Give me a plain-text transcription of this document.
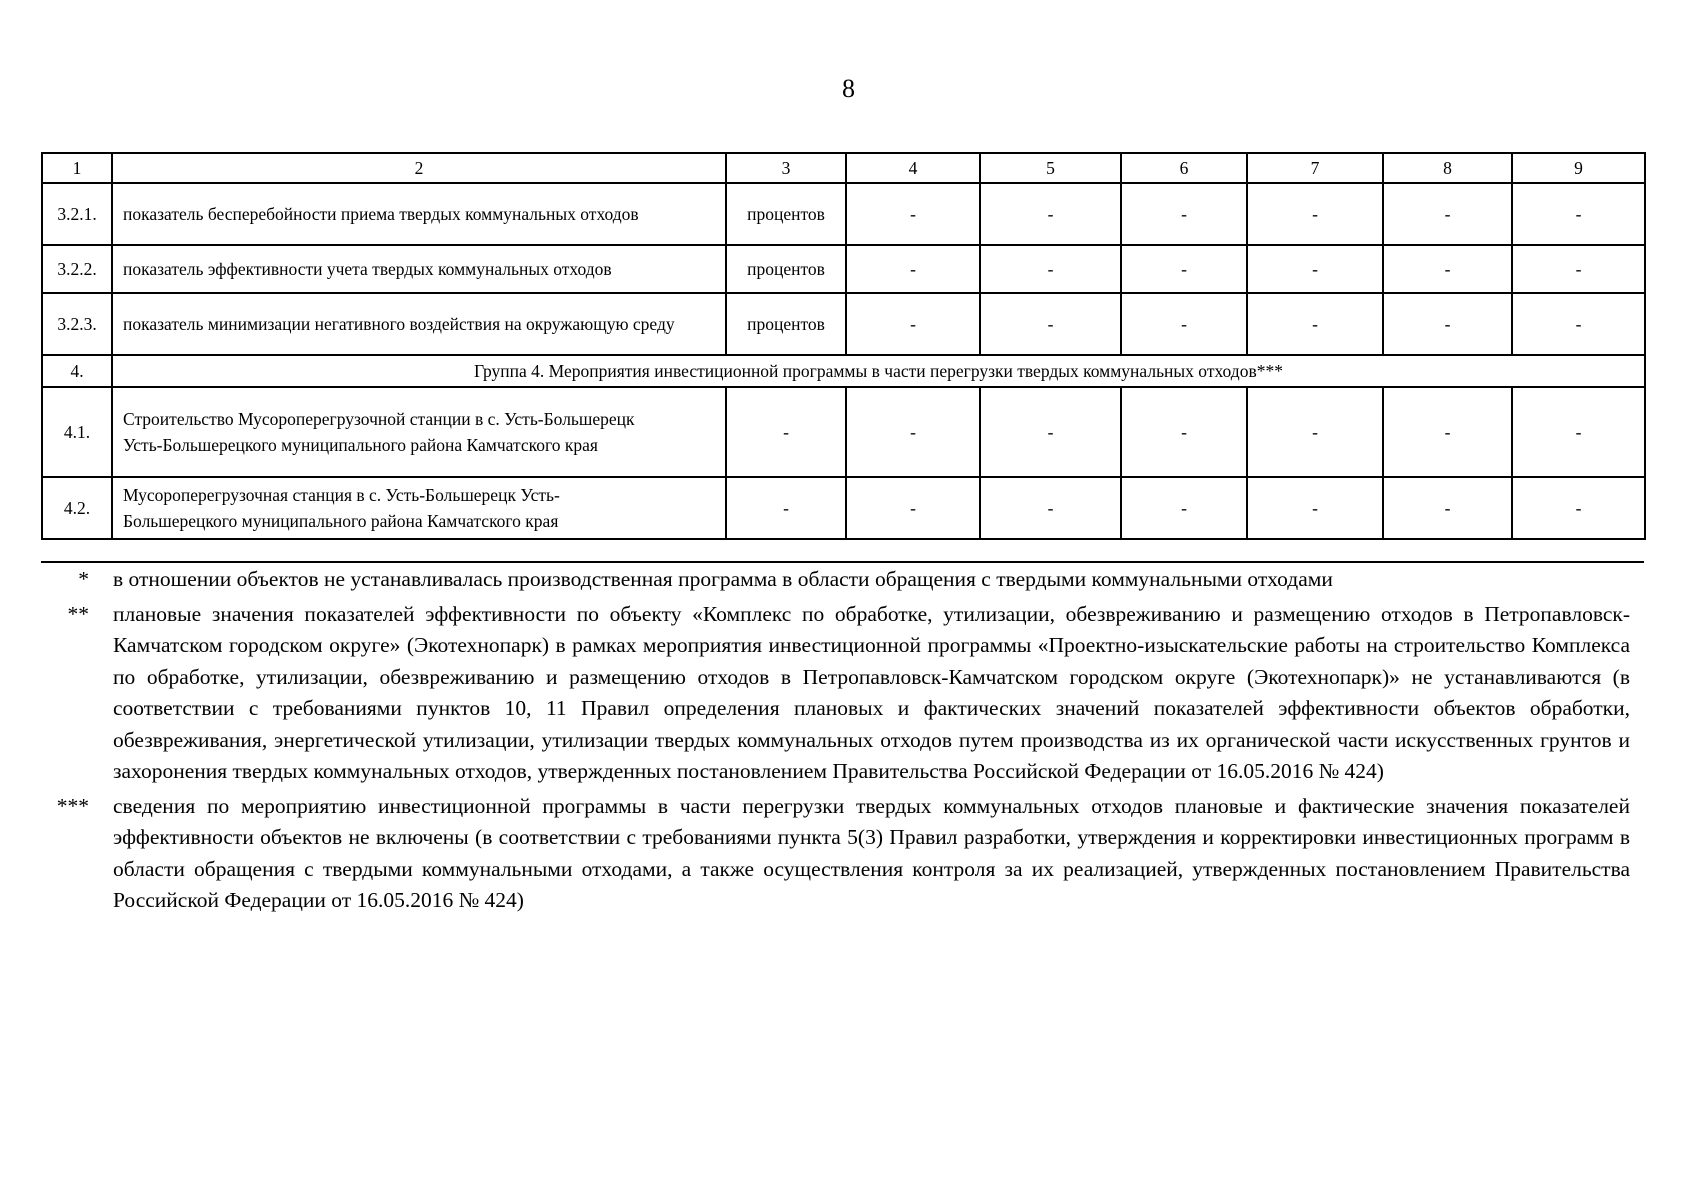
8
1	2	3	4	5	6	7	8	9
3.2.1.	показатель бесперебойности приема твердых коммунальных отходов	процентов	-	-	-	-	-	-
3.2.2.	показатель эффективности учета твердых коммунальных отходов	процентов	-	-	-	-	-	-
3.2.3.	показатель минимизации негативного воздействия на окружающую среду	процентов	-	-	-	-	-	-
4.	Группа 4. Мероприятия инвестиционной программы в части перегрузки твердых коммунальных отходов***							
4.1.	Строительство Мусороперегрузочной станции в с. Усть-Большерецк Усть-Большерецкого муниципального района Камчатского края	-	-	-	-	-	-	-
4.2.	Мусороперегрузочная станция в с. Усть-Большерецк Усть-Большерецкого муниципального района Камчатского края	-	-	-	-	-	-	-
*	в отношении объектов не устанавливалась производственная программа в области обращения с твердыми коммунальными отходами
**	плановые значения показателей эффективности по объекту «Комплекс по обработке, утилизации, обезвреживанию и размещению отходов в Петропавловск-Камчатском городском округе» (Экотехнопарк) в рамках мероприятия инвестиционной программы «Проектно-изыскательские работы на строительство Комплекса по обработке, утилизации, обезвреживанию и размещению отходов в Петропавловск-Камчатском городском округе (Экотехнопарк)» не устанавливаются (в соответствии с требованиями пунктов 10, 11 Правил определения плановых и фактических значений показателей эффективности объектов обработки, обезвреживания, энергетической утилизации, утилизации твердых коммунальных отходов путем производства из их органической части искусственных грунтов и захоронения твердых коммунальных отходов, утвержденных постановлением Правительства Российской Федерации от 16.05.2016 № 424)
***	сведения по мероприятию инвестиционной программы в части перегрузки твердых коммунальных отходов плановые и фактические значения показателей эффективности объектов не включены (в соответствии с требованиями пункта 5(3) Правил разработки, утверждения и корректировки инвестиционных программ в области обращения с твердыми коммунальными отходами, а также осуществления контроля за их реализацией, утвержденных постановлением Правительства Российской Федерации от 16.05.2016 № 424)
